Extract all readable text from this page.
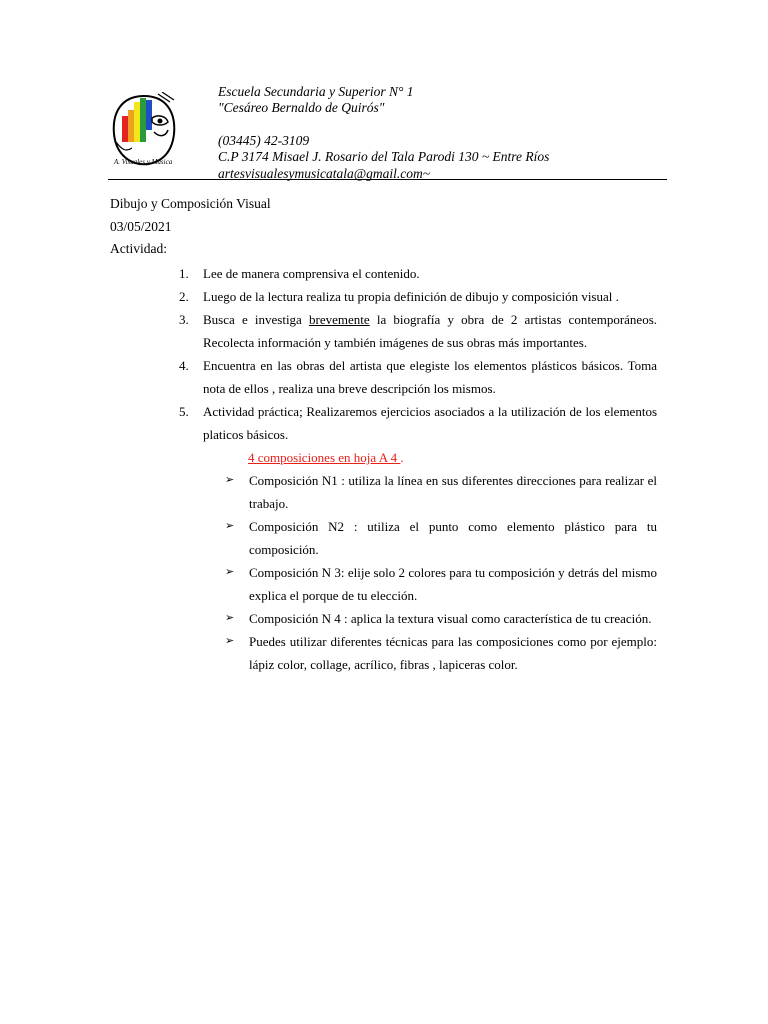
A. Visuales y Música
Escuela Secundaria y Superior N° 1
"Cesáreo Bernaldo de Quirós"
(03445) 42-3109
C.P 3174 Misael J. Rosario del Tala Parodi 130 ~ Entre Ríos
artesvisualesymusicatala@gmail.com~
Dibujo y Composición Visual
03/05/2021
Actividad:
1. Lee de manera comprensiva el contenido.
2. Luego de la lectura realiza tu propia definición de dibujo y composición visual .
3. Busca e investiga brevemente la biografía y obra de 2 artistas contemporáneos. Recolecta información y también imágenes de sus obras más importantes.
4. Encuentra en las obras del artista que elegiste los elementos plásticos básicos. Toma nota de ellos , realiza una breve descripción los mismos.
5. Actividad práctica; Realizaremos ejercicios asociados a la utilización de los elementos platicos básicos.
4 composiciones en hoja A 4 .
➢ Composición N1 : utiliza la línea en sus diferentes direcciones para realizar el trabajo.
➢ Composición N2 : utiliza el punto como elemento plástico para tu composición.
➢ Composición N 3: elije solo 2 colores para tu composición y detrás del mismo explica el porque de tu elección.
➢ Composición N 4 : aplica la textura visual como característica de tu creación.
➢ Puedes utilizar diferentes técnicas para las composiciones como por ejemplo: lápiz color, collage, acrílico, fibras , lapiceras color.
